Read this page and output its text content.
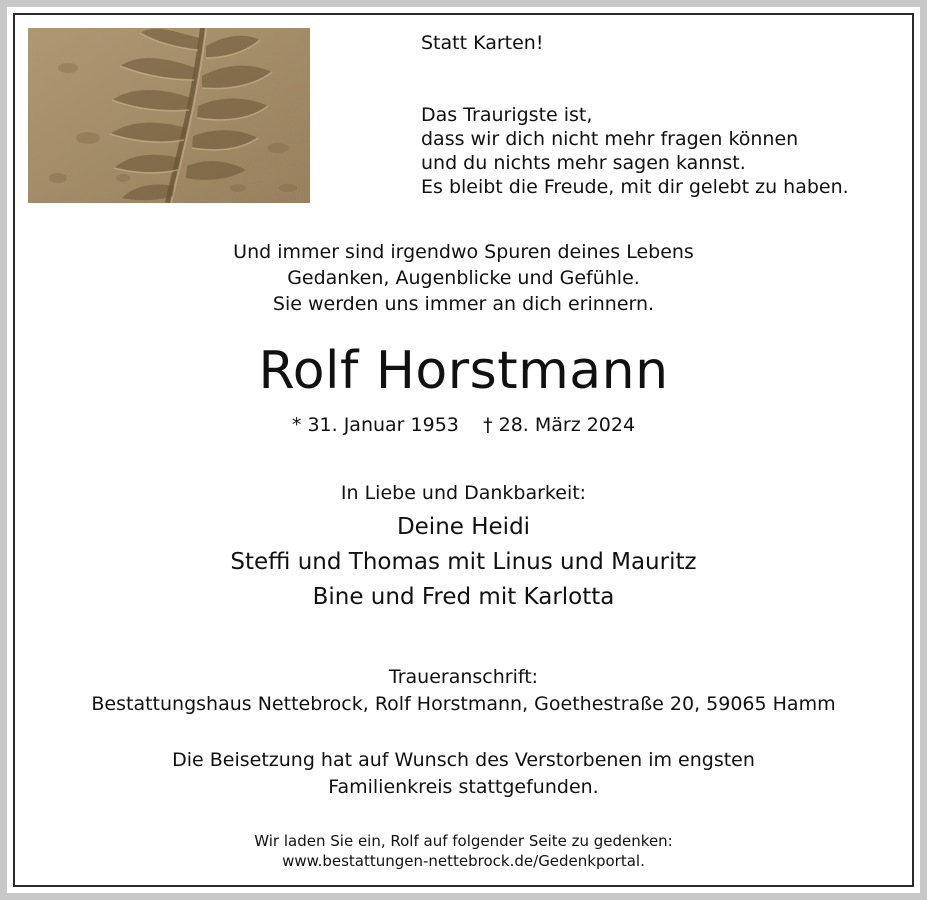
Statt Karten!
Das Traurigste ist,
dass wir dich nicht mehr fragen können
und du nichts mehr sagen kannst.
Es bleibt die Freude, mit dir gelebt zu haben.
Und immer sind irgendwo Spuren deines Lebens
Gedanken, Augenblicke und Gefühle.
Sie werden uns immer an dich erinnern.
Rolf Horstmann
* 31. Januar 1953 † 28. März 2024
In Liebe und Dankbarkeit:
Deine Heidi
Steffi und Thomas mit Linus und Mauritz
Bine und Fred mit Karlotta
Traueranschrift:
Bestattungshaus Nettebrock, Rolf Horstmann, Goethestraße 20, 59065 Hamm
Die Beisetzung hat auf Wunsch des Verstorbenen im engsten
Familienkreis stattgefunden.
Wir laden Sie ein, Rolf auf folgender Seite zu gedenken:
www.bestattungen-nettebrock.de/Gedenkportal.
